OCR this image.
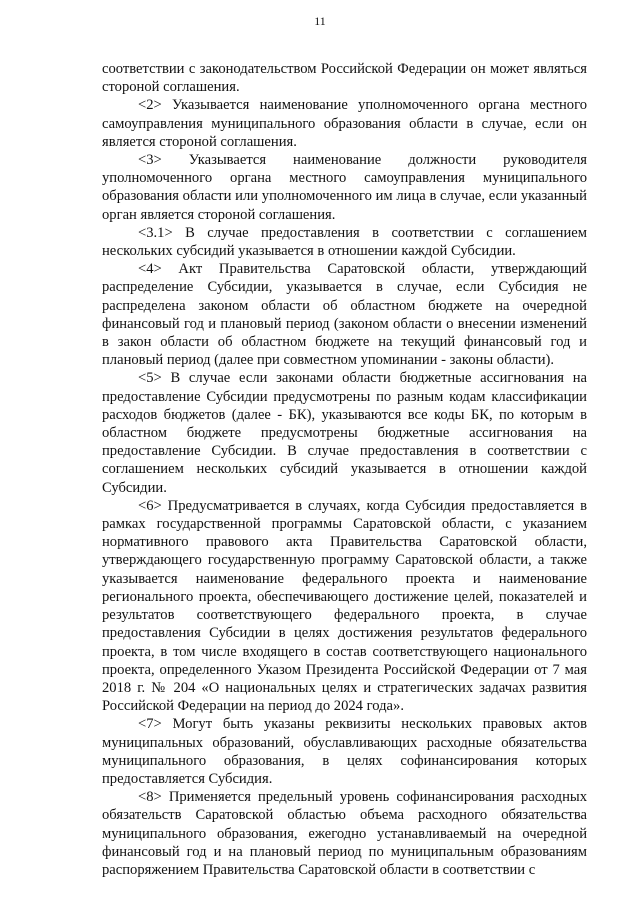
11

соответствии с законодательством Российской Федерации он может являться стороной соглашения.

<2> Указывается наименование уполномоченного органа местного самоуправления муниципального образования области в случае, если он является стороной соглашения.

<3> Указывается наименование должности руководителя уполномоченного органа местного самоуправления муниципального образования области или уполномоченного им лица в случае, если указанный орган является стороной соглашения.

<3.1> В случае предоставления в соответствии с соглашением нескольких субсидий указывается в отношении каждой Субсидии.

<4> Акт Правительства Саратовской области, утверждающий распределение Субсидии, указывается в случае, если Субсидия не распределена законом области об областном бюджете на очередной финансовый год и плановый период (законом области о внесении изменений в закон области об областном бюджете на текущий финансовый год и плановый период (далее при совместном упоминании - законы области).

<5> В случае если законами области бюджетные ассигнования на предоставление Субсидии предусмотрены по разным кодам классификации расходов бюджетов (далее - БК), указываются все коды БК, по которым в областном бюджете предусмотрены бюджетные ассигнования на предоставление Субсидии. В случае предоставления в соответствии с соглашением нескольких субсидий указывается в отношении каждой Субсидии.

<6> Предусматривается в случаях, когда Субсидия предоставляется в рамках государственной программы Саратовской области, с указанием нормативного правового акта Правительства Саратовской области, утверждающего государственную программу Саратовской области, а также указывается наименование федерального проекта и наименование регионального проекта, обеспечивающего достижение целей, показателей и результатов соответствующего федерального проекта, в случае предоставления Субсидии в целях достижения результатов федерального проекта, в том числе входящего в состав соответствующего национального проекта, определенного Указом Президента Российской Федерации от 7 мая 2018 г. № 204 «О национальных целях и стратегических задачах развития Российской Федерации на период до 2024 года».

<7> Могут быть указаны реквизиты нескольких правовых актов муниципальных образований, обуславливающих расходные обязательства муниципального образования, в целях софинансирования которых предоставляется Субсидия.

<8> Применяется предельный уровень софинансирования расходных обязательств Саратовской областью объема расходного обязательства муниципального образования, ежегодно устанавливаемый на очередной финансовый год и на плановый период по муниципальным образованиям распоряжением Правительства Саратовской области в соответствии с
